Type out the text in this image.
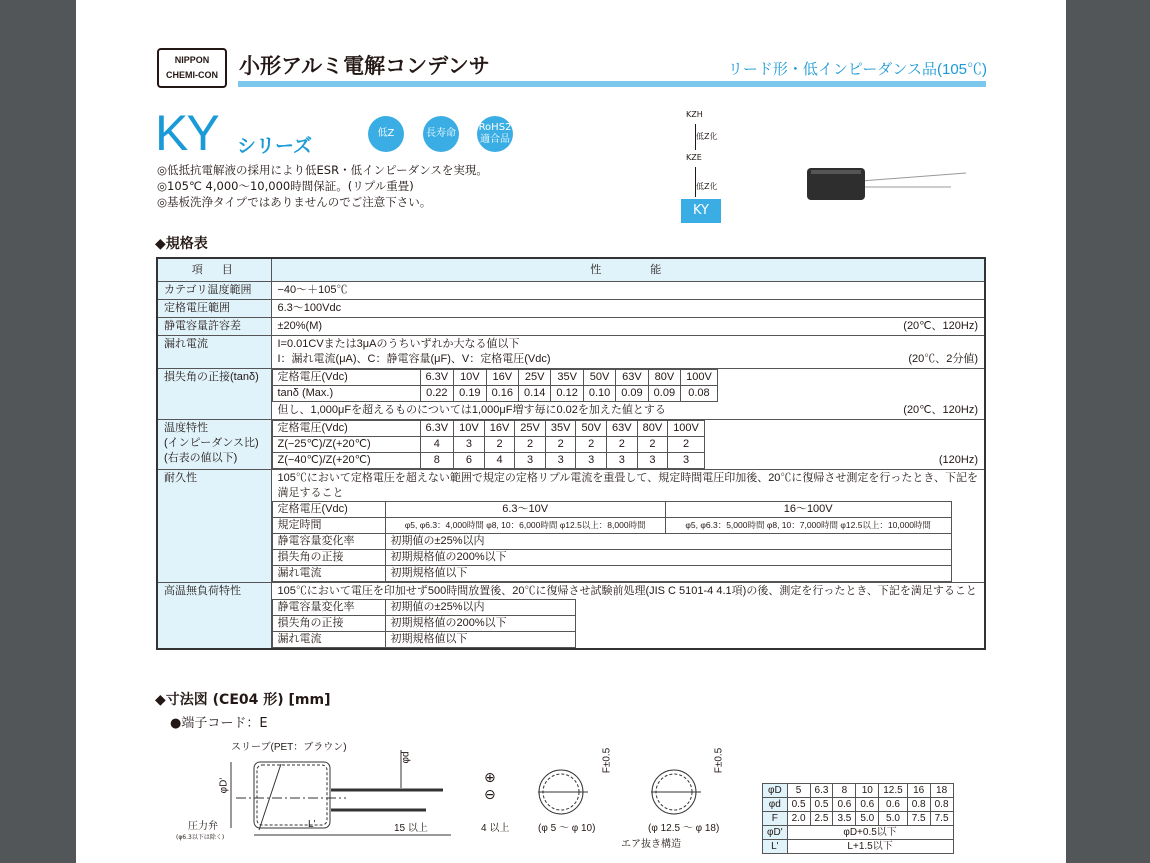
NIPPON
CHEMI-CON	小形アルミ電解コンデンサ	リード形・低インピーダンス品(105℃)
KY シリーズ
低Z	長寿命
RoHS2 適合品
◎低抵抗電解液の採用により低ESR・低インピーダンスを実現。
◎105℃ 4,000〜10,000時間保証。(リプル重畳)
◎基板洗浄タイプではありませんのでご注意下さい。
KZH
低Z化
KZE
低Z化
KY
◆規格表
項　目	性　　　能
カテゴリ温度範囲	−40〜＋105℃
定格電圧範囲	6.3〜100Vdc
静電容量許容差	±20%(M)	(20℃、120Hz)

漏れ電流	I=0.01CVまたは3μAのうちいずれか大なる値以下
I：漏れ電流(μA)、C：静電容量(μF)、V：定格電圧(Vdc)	(20℃、2分値)

損失角の正接(tanδ)	定格電圧(Vdc)	6.3V	10V	16V	25V	35V	50V	63V	80V	100V
tanδ (Max.)	0.22	0.19	0.16	0.14	0.12	0.10	0.09	0.09	0.08
但し、1,000μFを超えるものについては1,000μF増す毎に0.02を加えた値とする	(20℃、120Hz)

温度特性
(インピーダンス比)
(右表の値以下)

定格電圧(Vdc)	6.3V	10V	16V	25V	35V	50V	63V	80V	100V
Z(−25℃)/Z(+20℃)	4	3	2	2	2	2	2	2	2
Z(−40℃)/Z(+20℃)	8	6	4	3	3	3	3	3	3	(120Hz)

耐久性	105℃において定格電圧を超えない範囲で規定の定格リプル電流を重畳して、規定時間電圧印加後、20℃に復帰させ測定を行ったとき、下記を満足すること
定格電圧(Vdc)	6.3〜10V	16〜100V
規定時間	φ5, φ6.3：4,000時間 φ8, 10：6,000時間 φ12.5以上：8,000時間	φ5, φ6.3：5,000時間 φ8, 10：7,000時間 φ12.5以上：10,000時間
静電容量変化率	初期値の±25%以内
損失角の正接	初期規格値の200%以下
漏れ電流	初期規格値以下

高温無負荷特性	105℃において電圧を印加せず500時間放置後、20℃に復帰させ試験前処理(JIS C 5101-4 4.1項)の後、測定を行ったとき、下記を満足すること
静電容量変化率	初期値の±25%以内
損失角の正接	初期規格値の200%以下
漏れ電流	初期規格値以下
◆寸法図 (CE04 形) [mm]
●端子コード：E
スリーブ(PET：ブラウン)
φD'
φd
⊕
⊖
圧力弁
(φ6.3以下は除く)
L'	15 以上	4 以上
F±0.5	F±0.5
(φ 5 〜 φ 10)	(φ 12.5 〜 φ 18)
エア抜き構造
φD	5	6.3	8	10	12.5	16	18
φd	0.5	0.5	0.6	0.6	0.6	0.8	0.8
F	2.0	2.5	3.5	5.0	5.0	7.5	7.5
φD'	φD+0.5以下						
L'	L+1.5以下						
